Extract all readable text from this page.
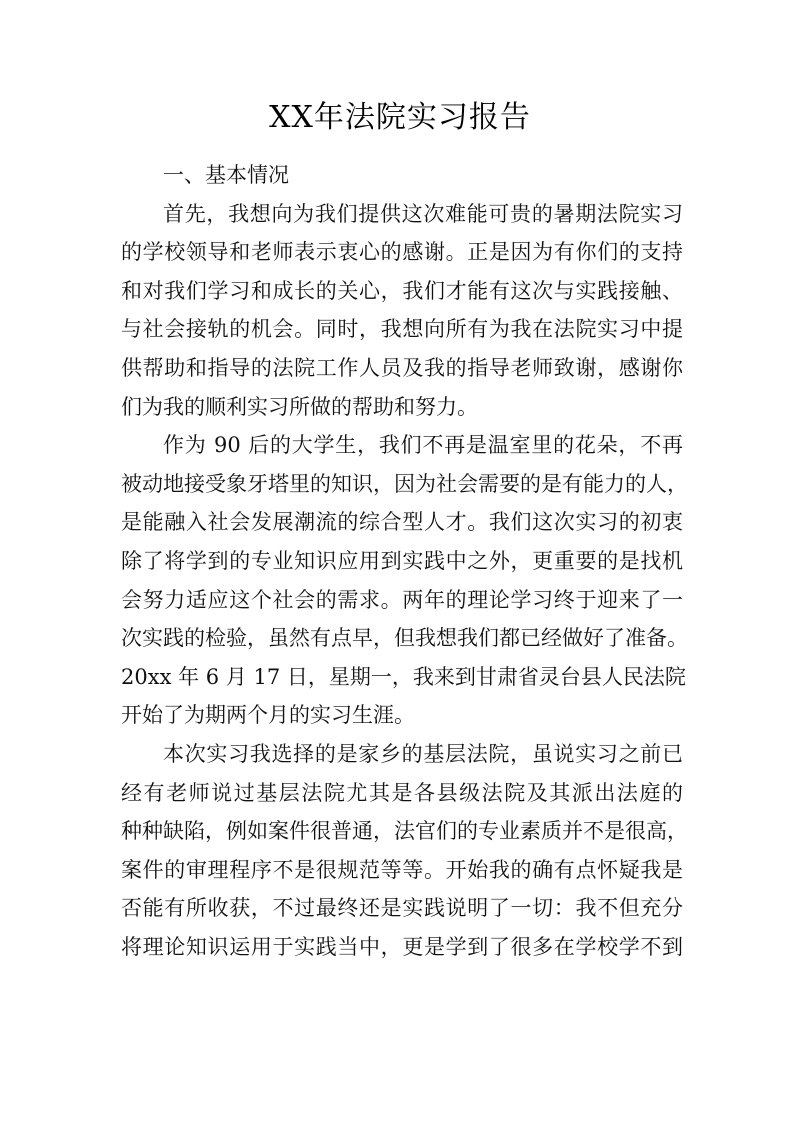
XX年法院实习报告
一、基本情况
首先，我想向为我们提供这次难能可贵的暑期法院实习
的学校领导和老师表示衷心的感谢。正是因为有你们的支持
和对我们学习和成长的关心，我们才能有这次与实践接触、
与社会接轨的机会。同时，我想向所有为我在法院实习中提
供帮助和指导的法院工作人员及我的指导老师致谢，感谢你
们为我的顺利实习所做的帮助和努力。
作为 90 后的大学生，我们不再是温室里的花朵，不再
被动地接受象牙塔里的知识，因为社会需要的是有能力的人，
是能融入社会发展潮流的综合型人才。我们这次实习的初衷
除了将学到的专业知识应用到实践中之外，更重要的是找机
会努力适应这个社会的需求。两年的理论学习终于迎来了一
次实践的检验，虽然有点早，但我想我们都已经做好了准备。
20xx 年 6 月 17 日，星期一，我来到甘肃省灵台县人民法院
开始了为期两个月的实习生涯。
本次实习我选择的是家乡的基层法院，虽说实习之前已
经有老师说过基层法院尤其是各县级法院及其派出法庭的
种种缺陷，例如案件很普通，法官们的专业素质并不是很高，
案件的审理程序不是很规范等等。开始我的确有点怀疑我是
否能有所收获，不过最终还是实践说明了一切：我不但充分
将理论知识运用于实践当中，更是学到了很多在学校学不到
